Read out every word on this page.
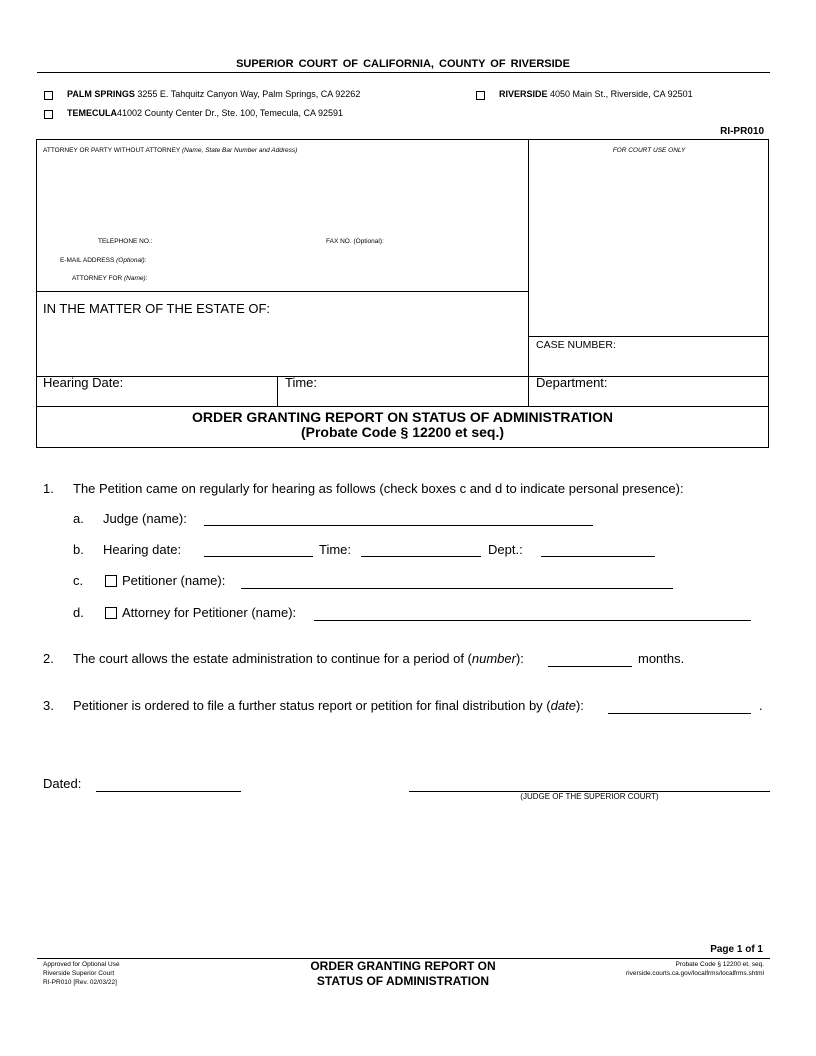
SUPERIOR COURT OF CALIFORNIA, COUNTY OF RIVERSIDE
PALM SPRINGS 3255 E. Tahquitz Canyon Way, Palm Springs, CA 92262	RIVERSIDE 4050 Main St., Riverside, CA 92501
TEMECULA41002 County Center Dr., Ste. 100, Temecula, CA 92591
RI-PR010
ATTORNEY OR PARTY WITHOUT ATTORNEY (Name, State Bar Number and Address)	FOR COURT USE ONLY
TELEPHONE NO.:	FAX NO. (Optional):
E-MAIL ADDRESS (Optional):
ATTORNEY FOR (Name):
IN THE MATTER OF THE ESTATE OF:
CASE NUMBER:
Hearing Date:	Time:	Department:
ORDER GRANTING REPORT ON STATUS OF ADMINISTRATION
(Probate Code § 12200 et seq.)
1. The Petition came on regularly for hearing as follows (check boxes c and d to indicate personal presence):
a. Judge (name):
b. Hearing date:	Time:	Dept.:
c.	Petitioner (name):
d.	Attorney for Petitioner (name):
2. The court allows the estate administration to continue for a period of (number):	months.
3. Petitioner is ordered to file a further status report or petition for final distribution by (date):	.
Dated:
(JUDGE OF THE SUPERIOR COURT)
Page 1 of 1
Approved for Optional Use
Riverside Superior Court
RI-PR010 [Rev. 02/03/22]
ORDER GRANTING REPORT ON
STATUS OF ADMINISTRATION
Probate Code § 12200 et. seq.
riverside.courts.ca.gov/localfrms/localfrms.shtml
